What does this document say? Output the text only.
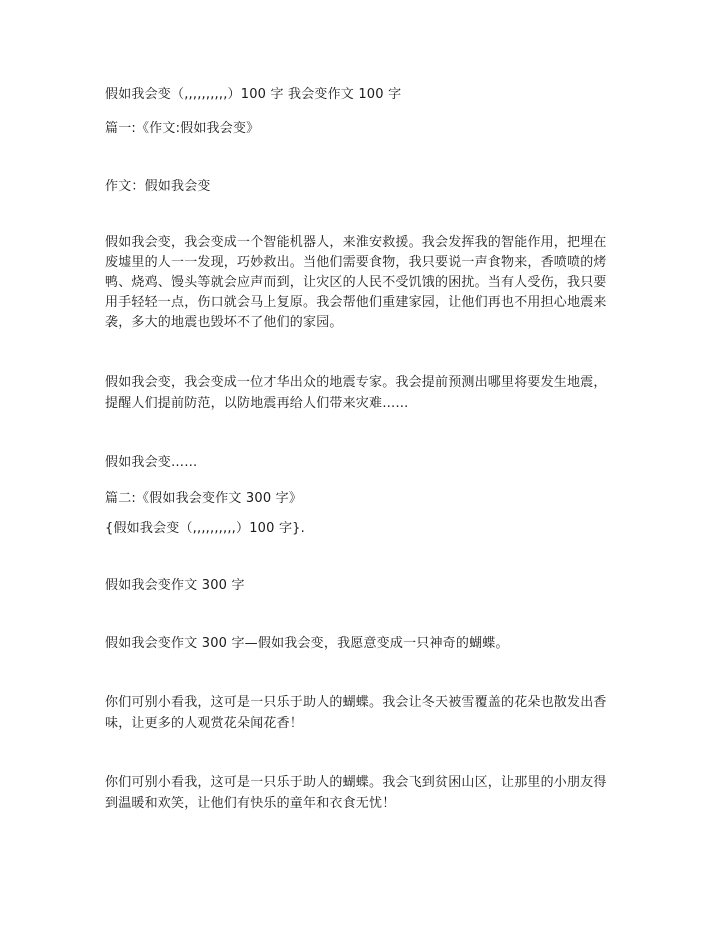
假如我会变（,,,,,,,,,,）100 字 我会变作文 100 字

篇一:《作文:假如我会变》

作文：假如我会变

假如我会变，我会变成一个智能机器人，来淮安救援。我会发挥我的智能作用，把埋在废墟里的人一一发现，巧妙救出。当他们需要食物，我只要说一声食物来，香喷喷的烤鸭、烧鸡、馒头等就会应声而到，让灾区的人民不受饥饿的困扰。当有人受伤，我只要用手轻轻一点，伤口就会马上复原。我会帮他们重建家园，让他们再也不用担心地震来袭，多大的地震也毁坏不了他们的家园。

假如我会变，我会变成一位才华出众的地震专家。我会提前预测出哪里将要发生地震，提醒人们提前防范，以防地震再给人们带来灾难……

假如我会变……

篇二:《假如我会变作文 300 字》

{假如我会变（,,,,,,,,,,）100 字}.

假如我会变作文 300 字

假如我会变作文 300 字—假如我会变，我愿意变成一只神奇的蝴蝶。

你们可别小看我，这可是一只乐于助人的蝴蝶。我会让冬天被雪覆盖的花朵也散发出香味，让更多的人观赏花朵闻花香！

你们可别小看我，这可是一只乐于助人的蝴蝶。我会飞到贫困山区，让那里的小朋友得到温暖和欢笑，让他们有快乐的童年和衣食无忧！
